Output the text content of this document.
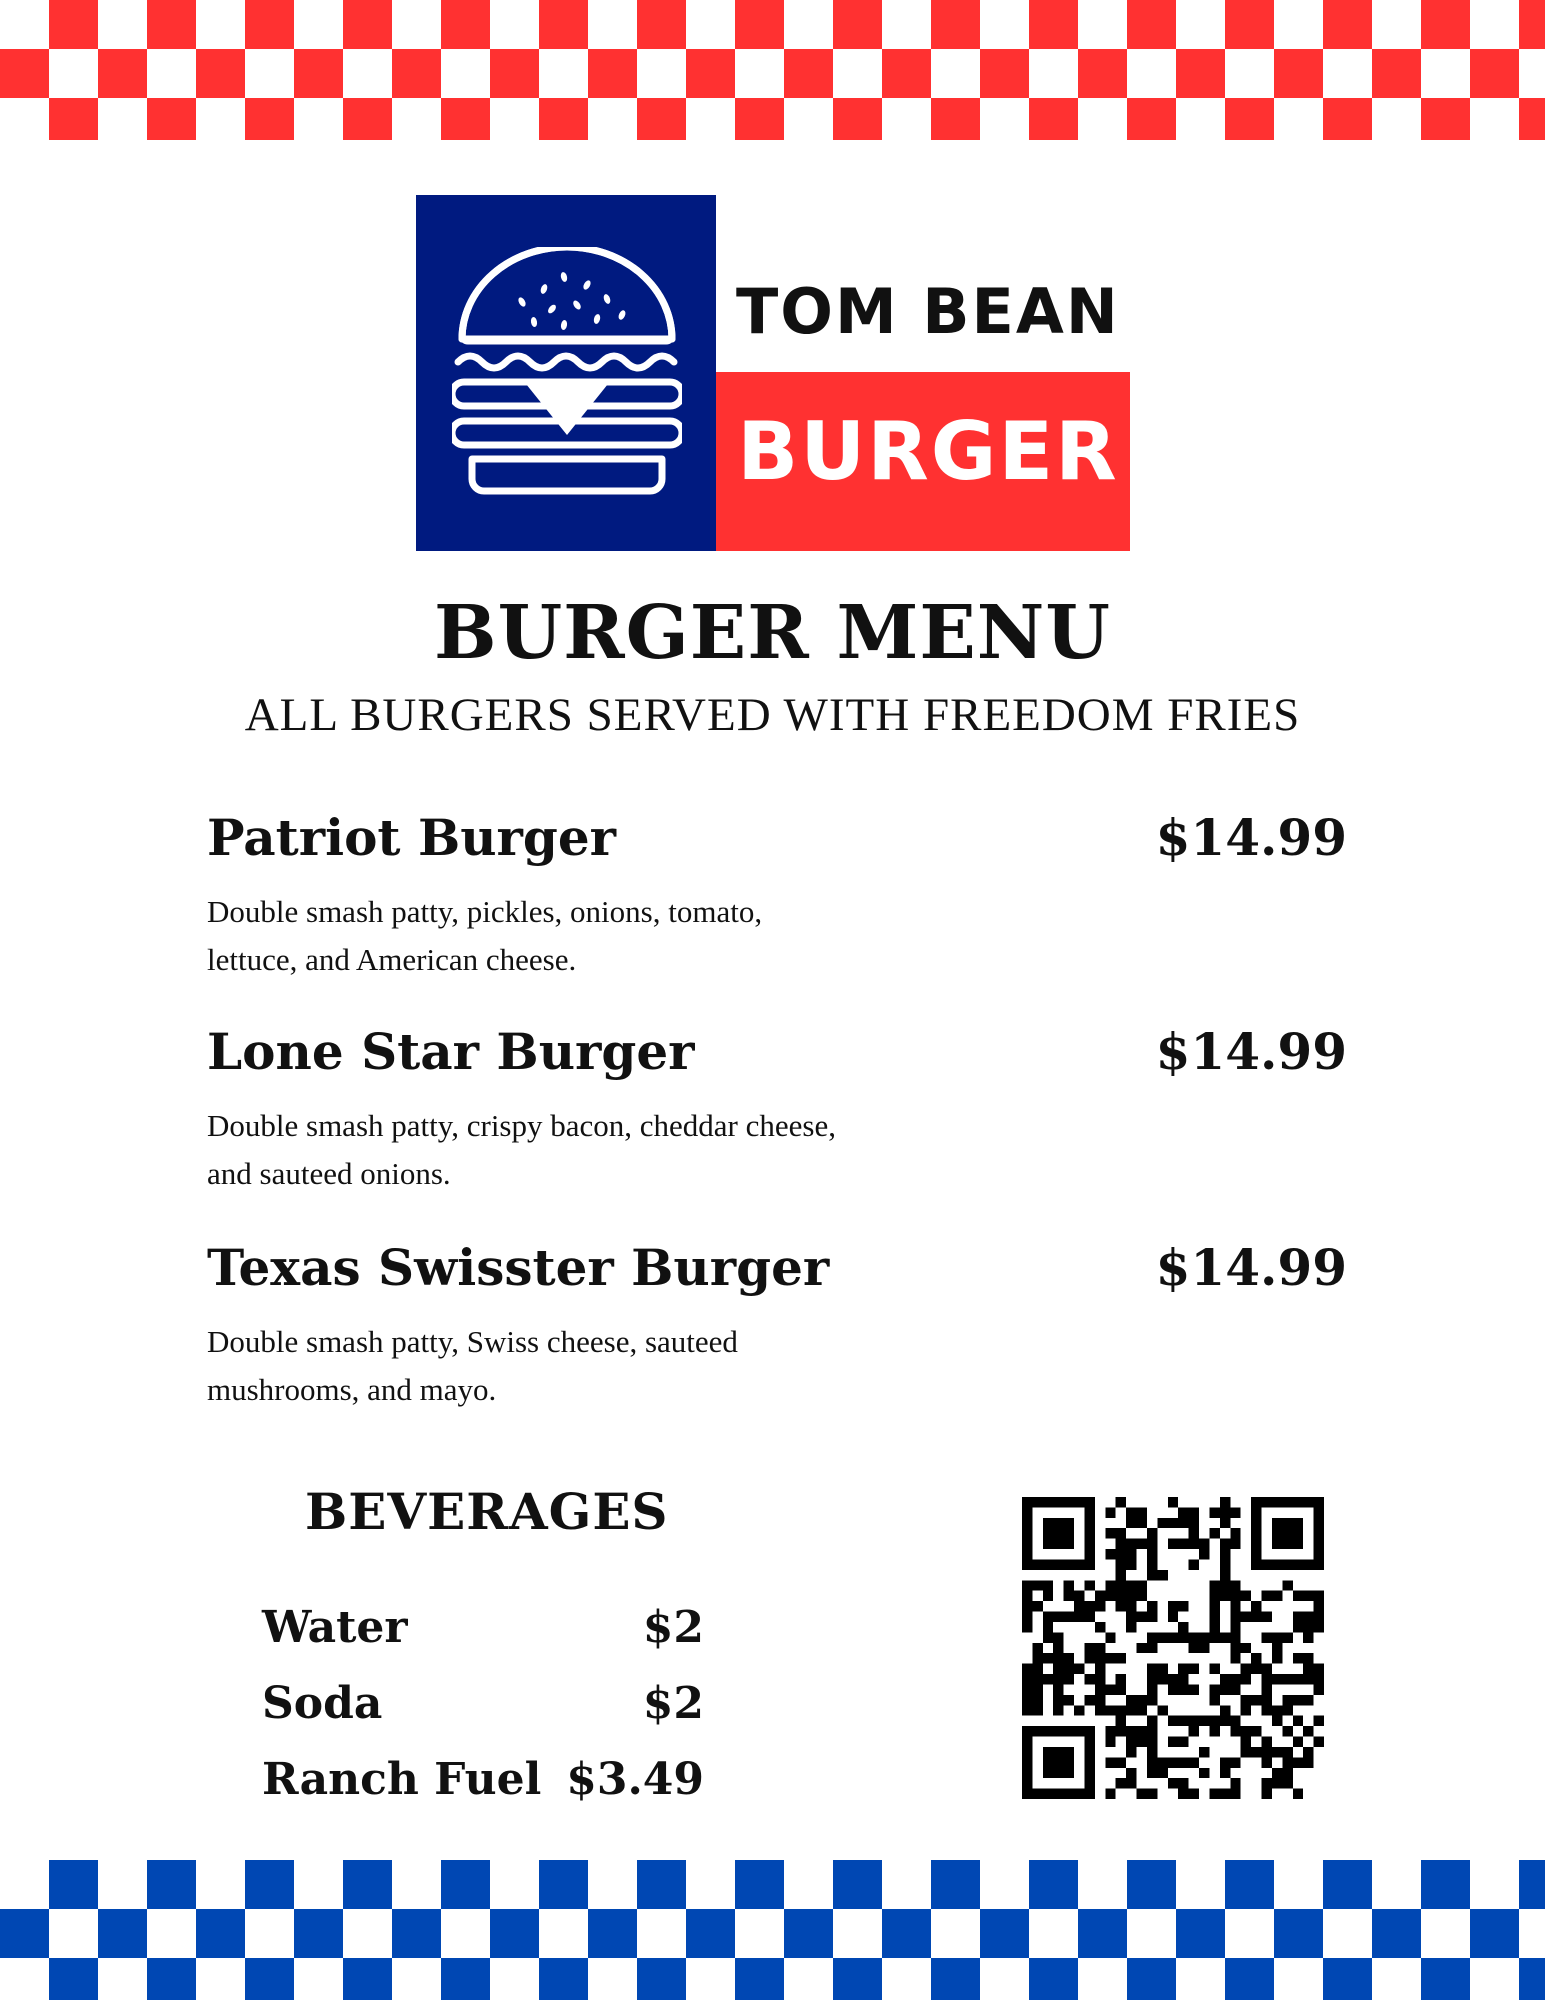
TOM BEAN
BURGER
BURGER MENU
ALL BURGERS SERVED WITH FREEDOM FRIES
Patriot Burger	$14.99
Double smash patty, pickles, onions, tomato,
lettuce, and American cheese.
Lone Star Burger	$14.99
Double smash patty, crispy bacon, cheddar cheese,
and sauteed onions.
Texas Swisster Burger	$14.99
Double smash patty, Swiss cheese, sauteed
mushrooms, and mayo.
BEVERAGES
Water	$2
Soda	$2
Ranch Fuel $3.49
